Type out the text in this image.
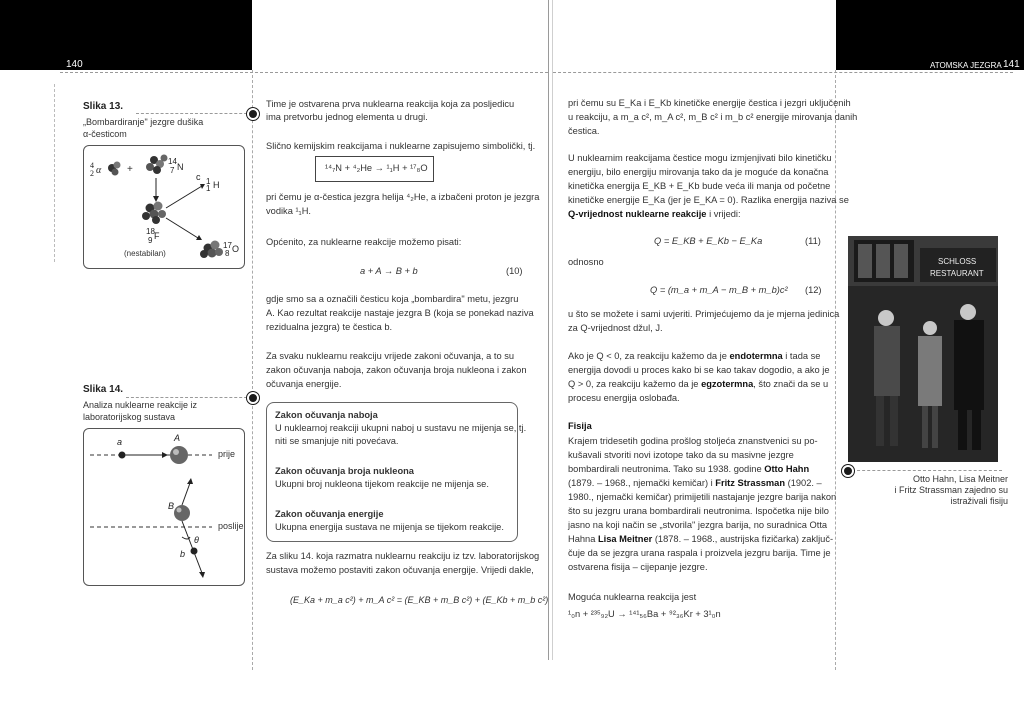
140	ATOMSKA JEZGRA 141
Slika 13.
„Bombardiranje" jezgre dušika
α-česticom
4
2 α	+
14
N
7
1 H
1
c
18 F
9
(nestabilan)
17 O
8
Slika 14.
Analiza nuklearne reakcije iz
laboratorijskog sustava
a	A
prije
B
poslije
θ
b
Time je ostvarena prva nuklearna reakcija koja za posljedicu
ima pretvorbu jednog elementa u drugi.
Slično kemijskim reakcijama i nuklearne zapisujemo simbolički, tj.
¹⁴₇N + ⁴₂He → ¹₁H + ¹⁷₈O
pri čemu je α-čestica jezgra helija ⁴₂He, a izbačeni proton je jezgra
vodika ¹₁H.
Općenito, za nuklearne reakcije možemo pisati:
a + A → B + b	(10)
gdje smo sa a označili česticu koja „bombardira" metu, jezgru
A. Kao rezultat reakcije nastaje jezgra B (koja se ponekad naziva
rezidualna jezgra) te čestica b.
Za svaku nuklearnu reakciju vrijede zakoni očuvanja, a to su
zakon očuvanja naboja, zakon očuvanja broja nukleona i zakon
očuvanja energije.
Zakon očuvanja naboja
U nuklearnoj reakciji ukupni naboj u sustavu ne mijenja se, tj.
niti se smanjuje niti povećava.
Zakon očuvanja broja nukleona
Ukupni broj nukleona tijekom reakcije ne mijenja se.
Zakon očuvanja energije
Ukupna energija sustava ne mijenja se tijekom reakcije.
Za sliku 14. koja razmatra nuklearnu reakciju iz tzv. laboratorijskog
sustava možemo postaviti zakon očuvanja energije. Vrijedi dakle,
(E_Ka + m_a c²) + m_A c² = (E_KB + m_B c²) + (E_Kb + m_b c²)
pri čemu su E_Ka i E_Kb kinetičke energije čestica i jezgri uključenih
u reakciju, a m_a c², m_A c², m_B c² i m_b c² energije mirovanja danih
čestica.
U nuklearnim reakcijama čestice mogu izmjenjivati bilo kinetičku
energiju, bilo energiju mirovanja tako da je moguće da konačna
kinetička energija E_KB + E_Kb bude veća ili manja od početne
kinetičke energije E_Ka (jer je E_KA = 0). Razlika energija naziva se
Q-vrijednost nuklearne reakcije i vrijedi:
Q = E_KB + E_Kb − E_Ka	(11)
odnosno
Q = (m_a + m_A − m_B + m_b)c² (12)
u što se možete i sami uvjeriti. Primjećujemo da je mjerna jedinica
za Q-vrijednost džul, J.
Ako je Q < 0, za reakciju kažemo da je endotermna i tada se
energija dovodi u proces kako bi se kao takav dogodio, a ako je
Q > 0, za reakciju kažemo da je egzotermna, što znači da se u
procesu energija oslobađa.
Fisija
Krajem tridesetih godina prošlog stoljeća znanstvenici su po-
kušavali stvoriti novi izotope tako da su masivne jezgre
bombardirali neutronima. Tako su 1938. godine Otto Hahn
(1879. – 1968., njemački kemičar) i Fritz Strassman (1902. –
1980., njemački kemičar) primijetili nastajanje jezgre barija nakon
što su jezgru urana bombardirali neutronima. Ispočetka nije bilo
jasno na koji način se „stvorila" jezgra barija, no suradnica Otta
Hahna Lisa Meitner (1878. – 1968., austrijska fizičarka) zaključ-
čuje da se jezgra urana raspala i proizvela jezgru barija. Time je
ostvarena fisija – cijepanje jezgre.
Moguća nuklearna reakcija jest
¹₀n + ²³⁵₉₂U → ¹⁴¹₅₆Ba + ⁹²₃₆Kr + 3¹₀n
SCHLOSS
RESTAURANT
Otto Hahn, Lisa Meitner
i Fritz Strassman zajedno su
istraživali fisiju
